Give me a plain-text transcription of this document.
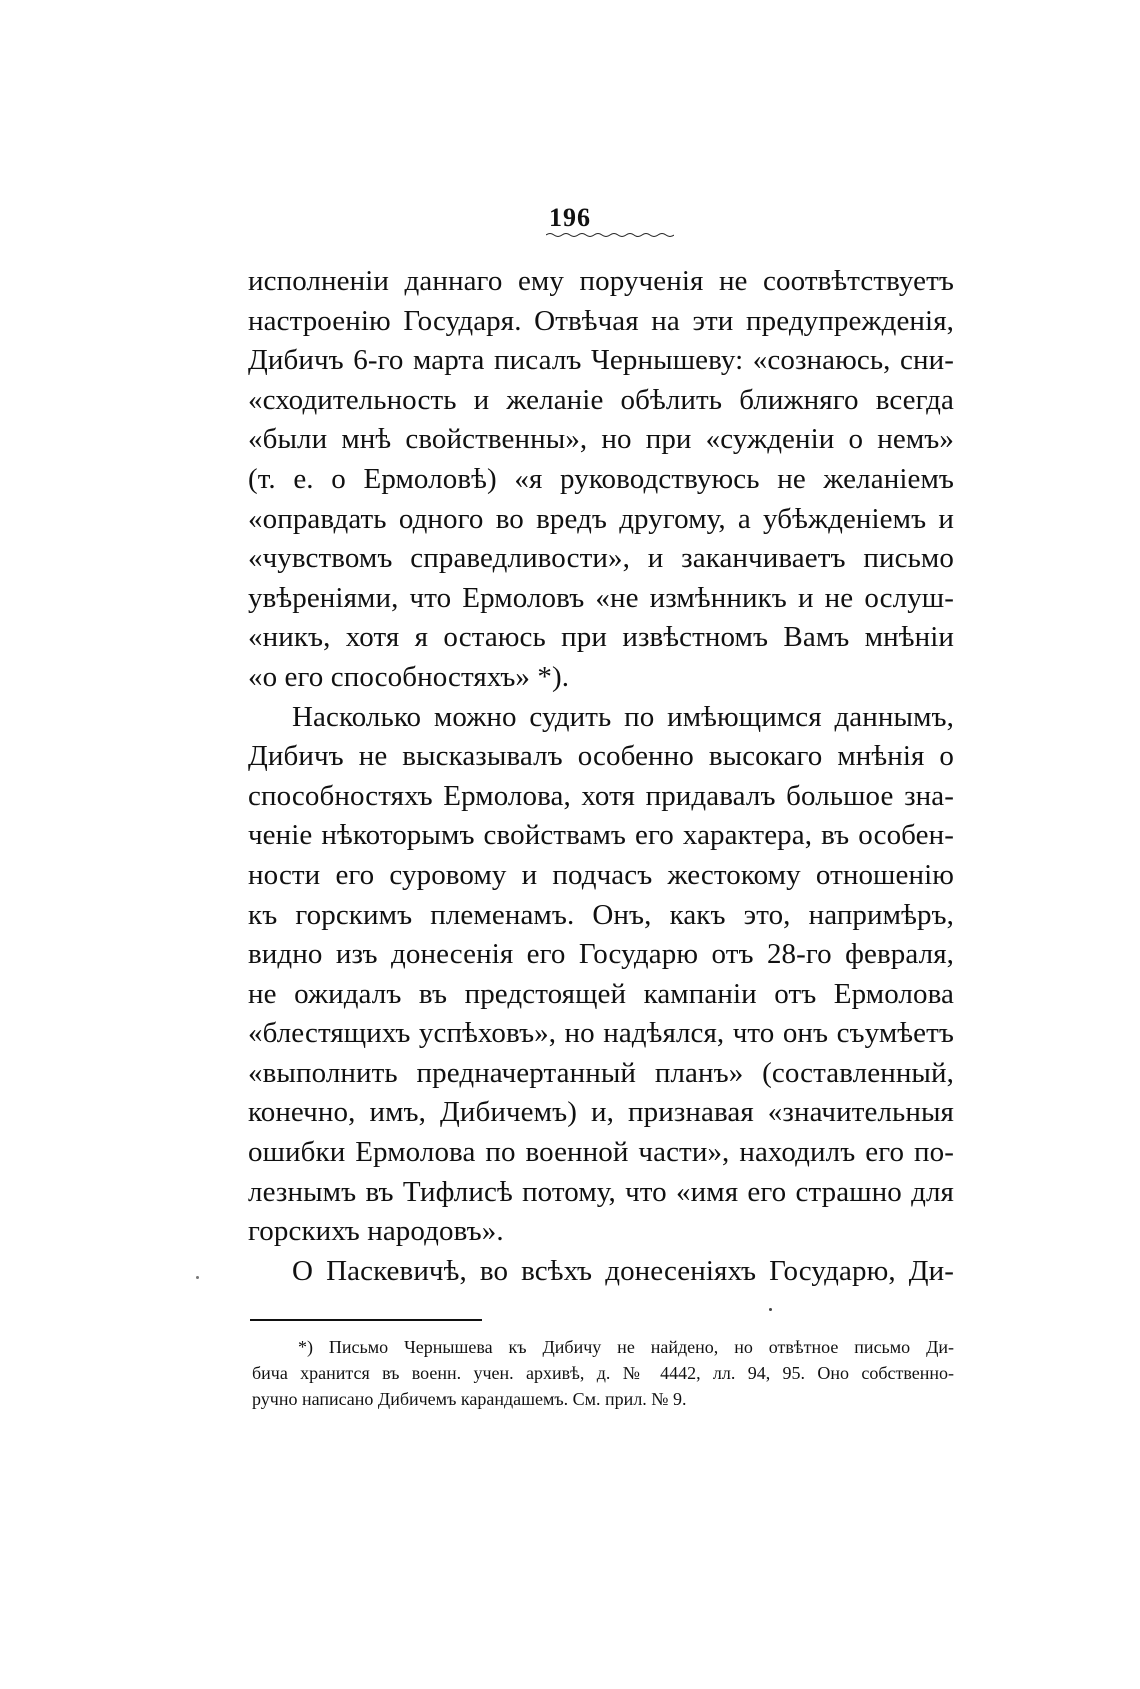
196
исполненіи даннаго ему порученія не соотвѣтствуетъ
настроенію Государя. Отвѣчая на эти предупрежденія,
Дибичъ 6-го марта писалъ Чернышеву: «сознаюсь, сни-
«сходительность и желаніе обѣлить ближняго всегда
«были мнѣ свойственны», но при «сужденіи о немъ»
(т. е. о Ермоловѣ) «я руководствуюсь не желаніемъ
«оправдать одного во вредъ другому, а убѣжденіемъ и
«чувствомъ справедливости», и заканчиваетъ письмо
увѣреніями, что Ермоловъ «не измѣнникъ и не ослуш-
«никъ, хотя я остаюсь при извѣстномъ Вамъ мнѣніи
«о его способностяхъ» *).
Насколько можно судить по имѣющимся даннымъ,
Дибичъ не высказывалъ особенно высокаго мнѣнія о
способностяхъ Ермолова, хотя придавалъ большое зна-
ченіе нѣкоторымъ свойствамъ его характера, въ особен-
ности его суровому и подчасъ жестокому отношенію
къ горскимъ племенамъ. Онъ, какъ это, напримѣръ,
видно изъ донесенія его Государю отъ 28-го февраля,
не ожидалъ въ предстоящей кампаніи отъ Ермолова
«блестящихъ успѣховъ», но надѣялся, что онъ съумѣетъ
«выполнить предначертанный планъ» (составленный,
конечно, имъ, Дибичемъ) и, признавая «значительныя
ошибки Ермолова по военной части», находилъ его по-
лезнымъ въ Тифлисѣ потому, что «имя его страшно для
горскихъ народовъ».
О Паскевичѣ, во всѣхъ донесеніяхъ Государю, Ди-
*) Письмо Чернышева къ Дибичу не найдено, но отвѣтное письмо Ди-
бича хранится въ военн. учен. архивѣ, д. № 4442, лл. 94, 95. Оно собственно-
ручно написано Дибичемъ карандашемъ. См. прил. № 9.
